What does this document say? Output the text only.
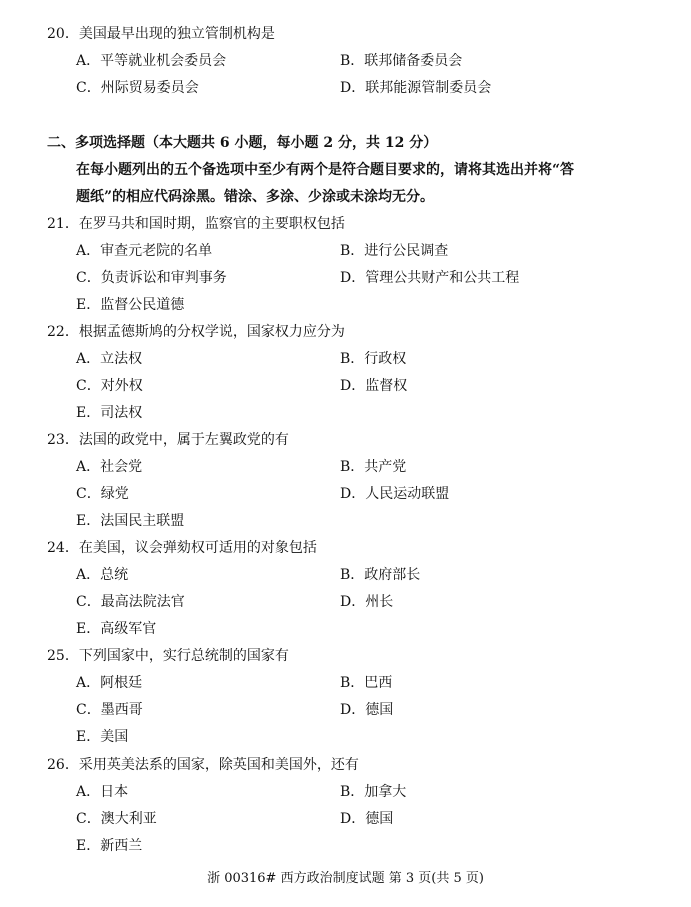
20．美国最早出现的独立管制机构是
A．平等就业机会委员会	B．联邦储备委员会
C．州际贸易委员会	D．联邦能源管制委员会
二、多项选择题（本大题共 6 小题，每小题 2 分，共 12 分）
在每小题列出的五个备选项中至少有两个是符合题目要求的，请将其选出并将“答
题纸”的相应代码涂黑。错涂、多涂、少涂或未涂均无分。
21．在罗马共和国时期，监察官的主要职权包括
A．审查元老院的名单	B．进行公民调查
C．负责诉讼和审判事务	D．管理公共财产和公共工程
E．监督公民道德
22．根据孟德斯鸠的分权学说，国家权力应分为
A．立法权	B．行政权
C．对外权	D．监督权
E．司法权
23．法国的政党中，属于左翼政党的有
A．社会党	B．共产党
C．绿党	D．人民运动联盟
E．法国民主联盟
24．在美国，议会弹劾权可适用的对象包括
A．总统	B．政府部长
C．最高法院法官	D．州长
E．高级军官
25．下列国家中，实行总统制的国家有
A．阿根廷	B．巴西
C．墨西哥	D．德国
E．美国
26．采用英美法系的国家，除英国和美国外，还有
A．日本	B．加拿大
C．澳大利亚	D．德国
E．新西兰
浙 00316# 西方政治制度试题 第 3 页(共 5 页)
